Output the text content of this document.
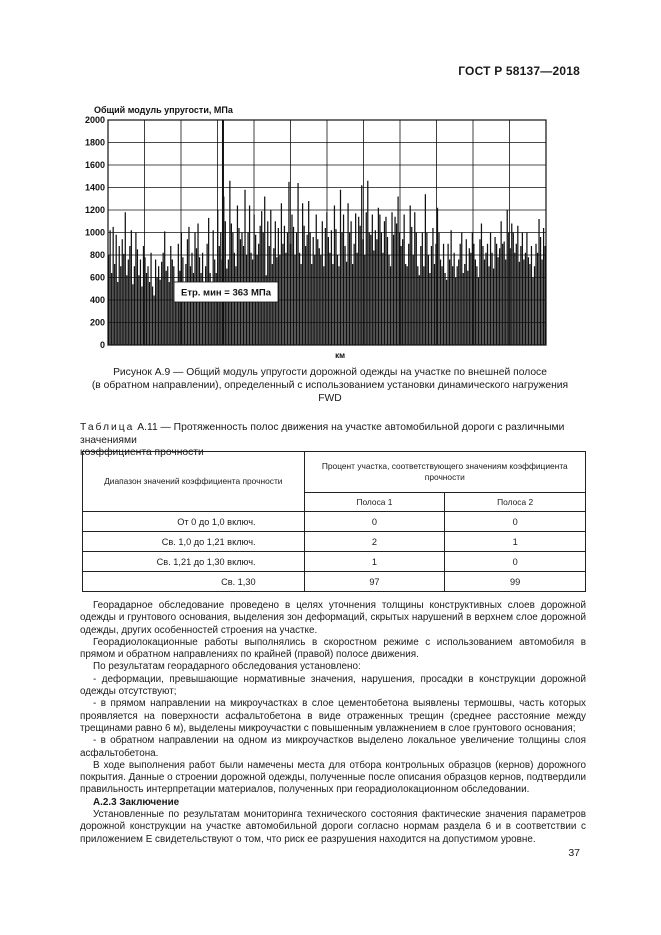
ГОСТ Р 58137—2018
0
200
400
600
800
1000
1200
1400
1600
1800
2000
Общий модуль упругости, МПа
км
Етр. мин = 363 МПа
Рисунок А.9 — Общий модуль упругости дорожной одежды на участке по внешней полосе
(в обратном направлении), определенный с использованием установки динамического нагружения FWD
Таблица А.11 — Протяженность полос движения на участке автомобильной дороги с различными значениями
коэффициента прочности
Диапазон значений коэффициента прочности	Процент участка, соответствующего значениям коэффициента прочности	
	Полоса 1	Полоса 2
От 0 до 1,0 включ.	0	0
Св. 1,0 до 1,21 включ.	2	1
Св. 1,21 до 1,30 включ.	1	0
Св. 1,30	97	99

Георадарное обследование проведено в целях уточнения толщины конструктивных слоев дорожной одежды и грунтового основания, выделения зон деформаций, скрытых нарушений в верхнем слое дорожной одежды, других особенностей строения на участке.

Георадиолокационные работы выполнялись в скоростном режиме с использованием автомобиля в прямом и обратном направлениях по крайней (правой) полосе движения.

По результатам георадарного обследования установлено:

- деформации, превышающие нормативные значения, нарушения, просадки в конструкции дорожной одежды отсутствуют;

- в прямом направлении на микроучастках в слое цементобетона выявлены термошвы, часть которых проявляется на поверхности асфальтобетона в виде отраженных трещин (среднее расстояние между трещинами равно 6 м), выделены микроучастки с повышенным увлажнением в слое грунтового основания;

- в обратном направлении на одном из микроучастков выделено локальное увеличение толщины слоя асфальтобетона.

В ходе выполнения работ были намечены места для отбора контрольных образцов (кернов) дорожного покрытия. Данные о строении дорожной одежды, полученные после описания образцов кернов, подтвердили правильность интерпретации материалов, полученных при георадиолокационном обследовании.

А.2.3 Заключение

Установленные по результатам мониторинга технического состояния фактические значения параметров дорожной конструкции на участке автомобильной дороги согласно нормам раздела 6 и в соответствии с приложением Е свидетельствуют о том, что риск ее разрушения находится на допустимом уровне.

37
